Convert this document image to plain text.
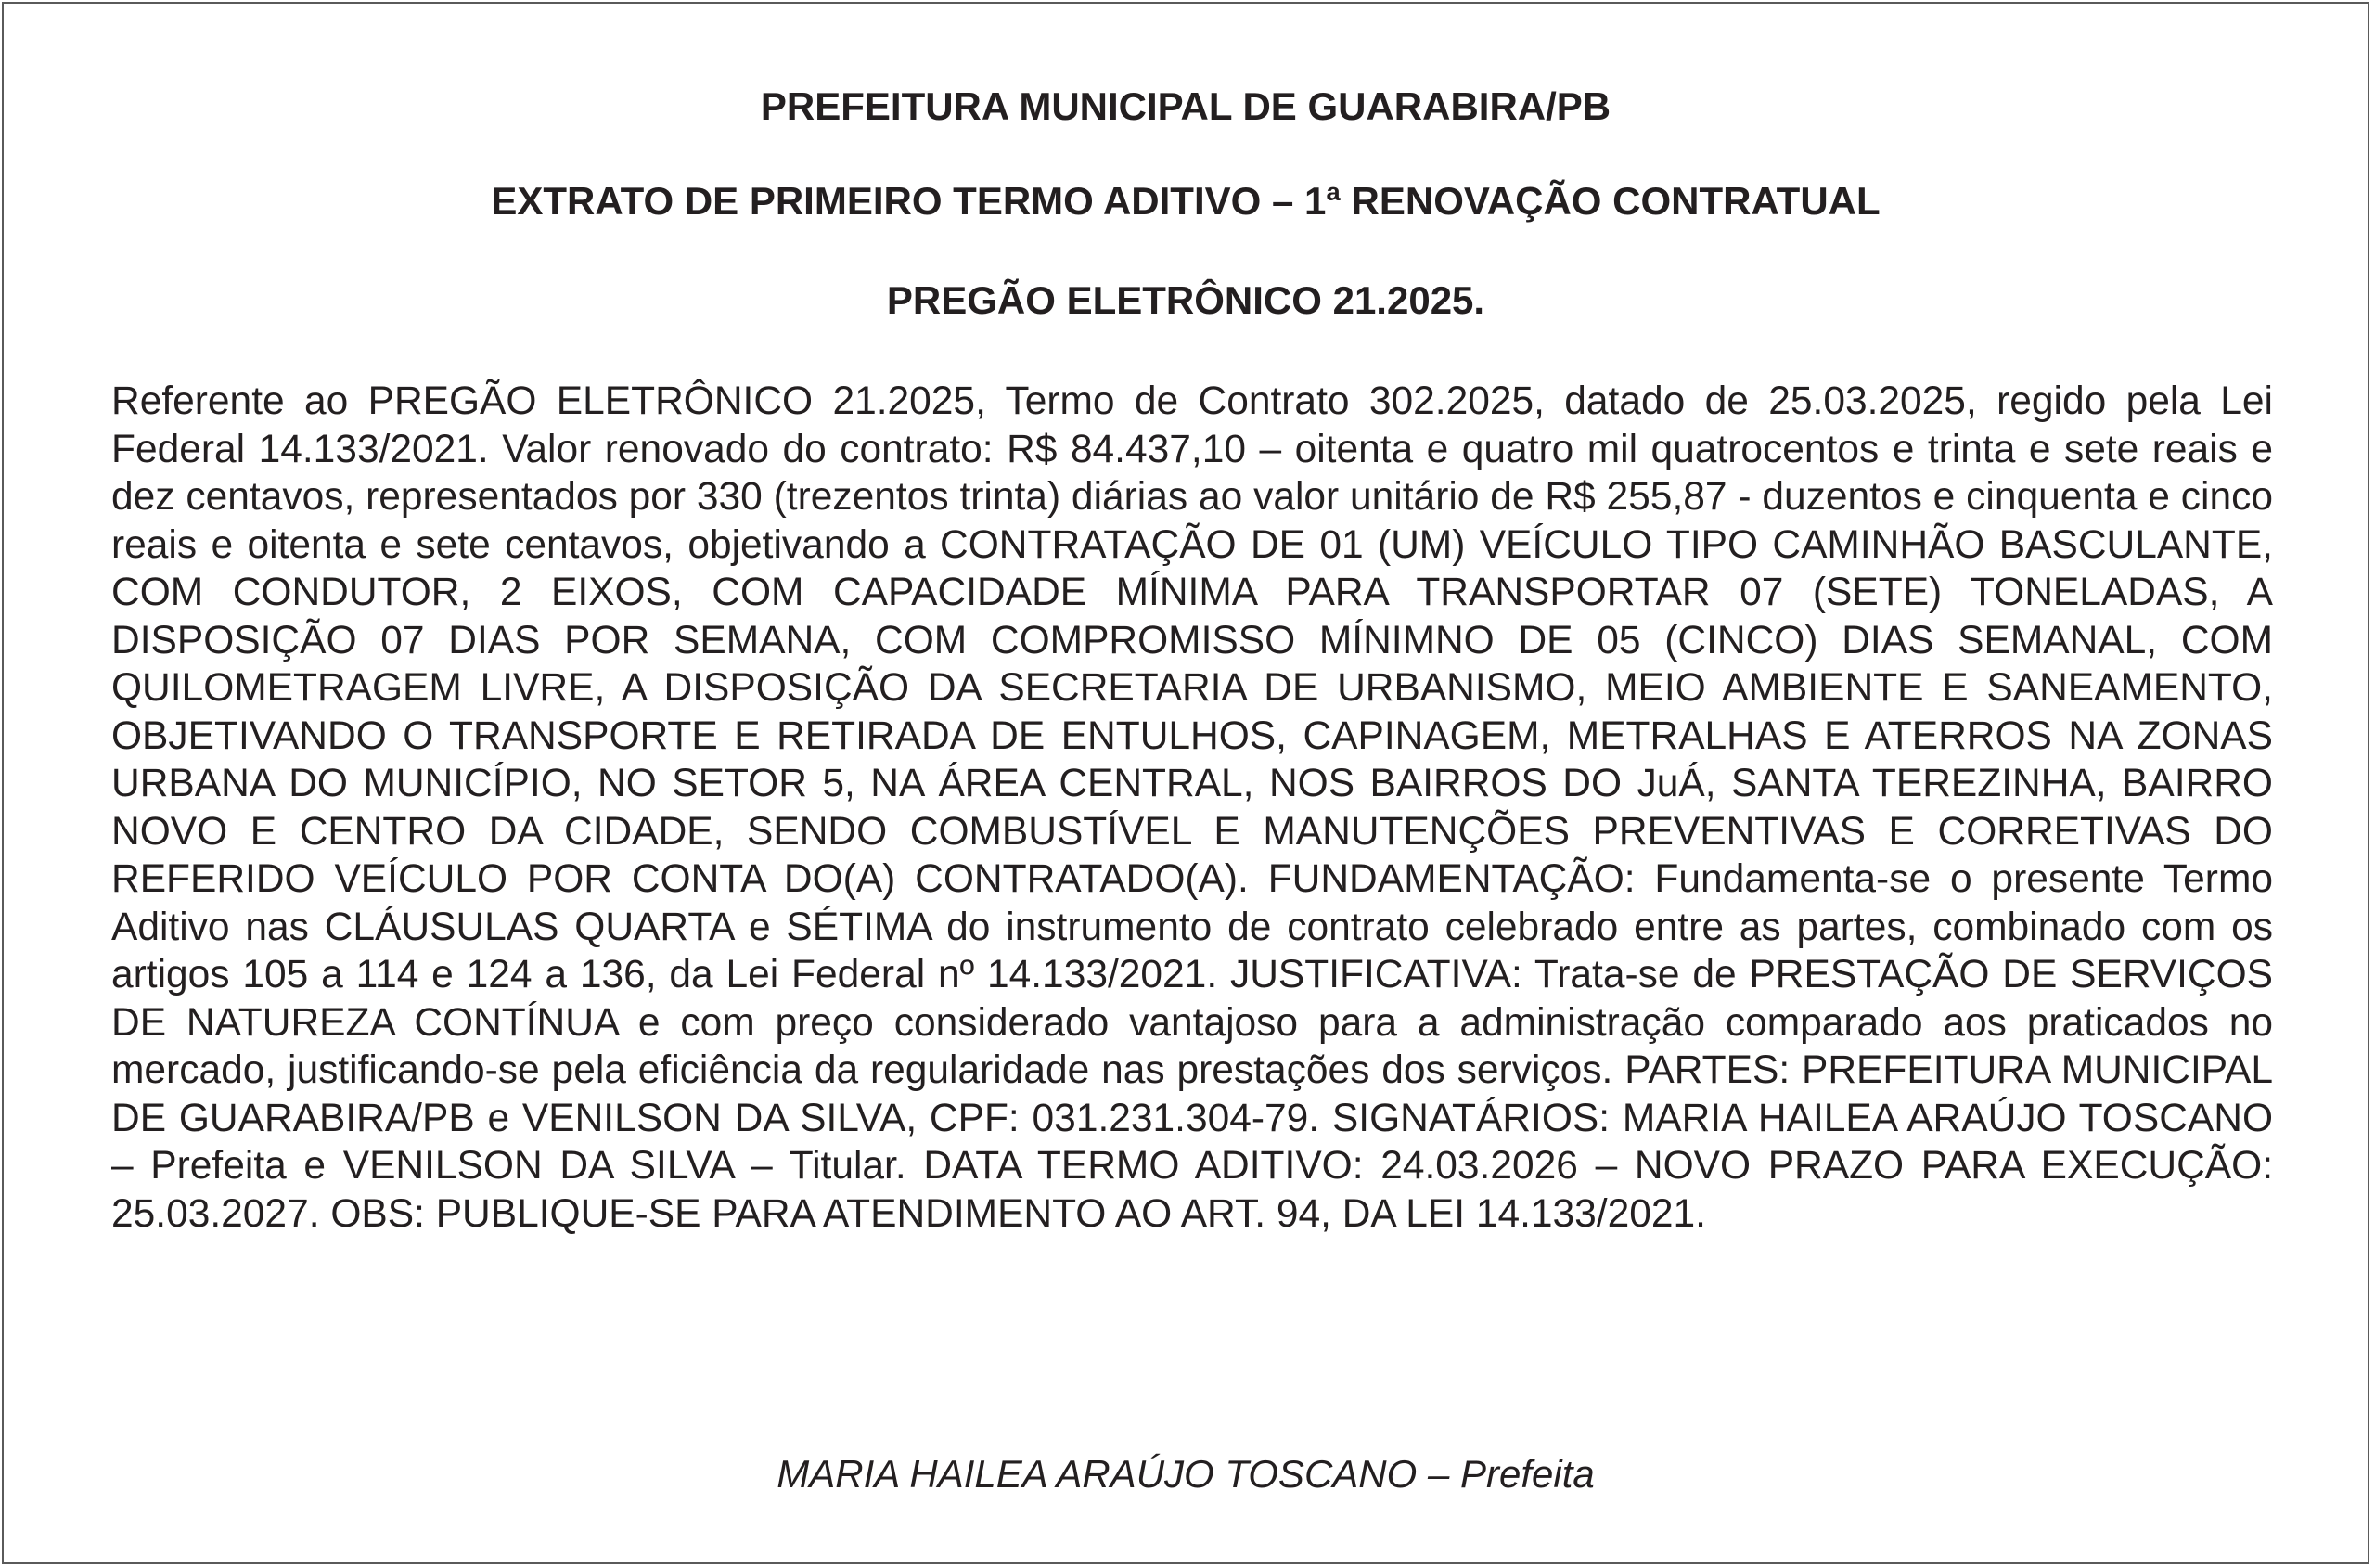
PREFEITURA MUNICIPAL DE GUARABIRA/PB
EXTRATO DE PRIMEIRO TERMO ADITIVO – 1ª RENOVAÇÃO CONTRATUAL
PREGÃO ELETRÔNICO 21.2025.

Referente ao PREGÃO ELETRÔNICO 21.2025, Termo de Contrato 302.2025, datado de 25.03.2025, regido pela Lei Federal 14.133/2021. Valor renovado do contrato: R$ 84.437,10 – oitenta e quatro mil quatrocentos e trinta e sete reais e dez centavos, representados por 330 (trezentos trinta) diárias ao valor unitário de R$ 255,87 - duzentos e cinquenta e cinco reais e oitenta e sete centavos, objetivando a CONTRATAÇÃO DE 01 (UM) VEÍCULO TIPO CAMINHÃO BASCULANTE, COM CONDUTOR, 2 EIXOS, COM CAPACIDADE MÍNIMA PARA TRANSPORTAR 07 (SETE) TONELADAS, A DISPOSIÇÃO 07 DIAS POR SEMANA, COM COMPROMISSO MÍNIMNO DE 05 (CINCO) DIAS SEMANAL, COM QUILOMETRAGEM LIVRE, A DISPOSIÇÃO DA SECRETARIA DE URBANISMO, MEIO AMBIENTE E SANEAMENTO, OBJETIVANDO O TRANSPORTE E RETIRADA DE ENTULHOS, CAPINAGEM, METRALHAS E ATERROS NA ZONAS URBANA DO MUNICÍPIO, NO SETOR 5, NA ÁREA CENTRAL, NOS BAIRROS DO JuÁ, SANTA TEREZINHA, BAIRRO NOVO E CENTRO DA CIDADE, SENDO COMBUSTÍVEL E MANUTENÇÕES PREVENTIVAS E CORRETIVAS DO REFERIDO VEÍCULO POR CONTA DO(A) CONTRATADO(A). FUNDAMENTAÇÃO: Fundamenta-se o presente Termo Aditivo nas CLÁUSULAS QUARTA e SÉTIMA do instrumento de contrato celebrado entre as partes, combinado com os artigos 105 a 114 e 124 a 136, da Lei Federal nº 14.133/2021. JUSTIFICATIVA: Trata-se de PRESTAÇÃO DE SERVIÇOS DE NATUREZA CONTÍNUA e com preço considerado vantajoso para a administração comparado aos praticados no mercado, justificando-se pela eficiência da regularidade nas prestações dos serviços. PARTES: PREFEITURA MUNICIPAL DE GUARABIRA/PB e VENILSON DA SILVA, CPF: 031.231.304-79. SIGNATÁRIOS: MARIA HAILEA ARAÚJO TOSCANO – Prefeita e VENILSON DA SILVA – Titular. DATA TERMO ADITIVO: 24.03.2026 – NOVO PRAZO PARA EXECUÇÃO: 25.03.2027. OBS: PUBLIQUE-SE PARA ATENDIMENTO AO ART. 94, DA LEI 14.133/2021.

MARIA HAILEA ARAÚJO TOSCANO – Prefeita
